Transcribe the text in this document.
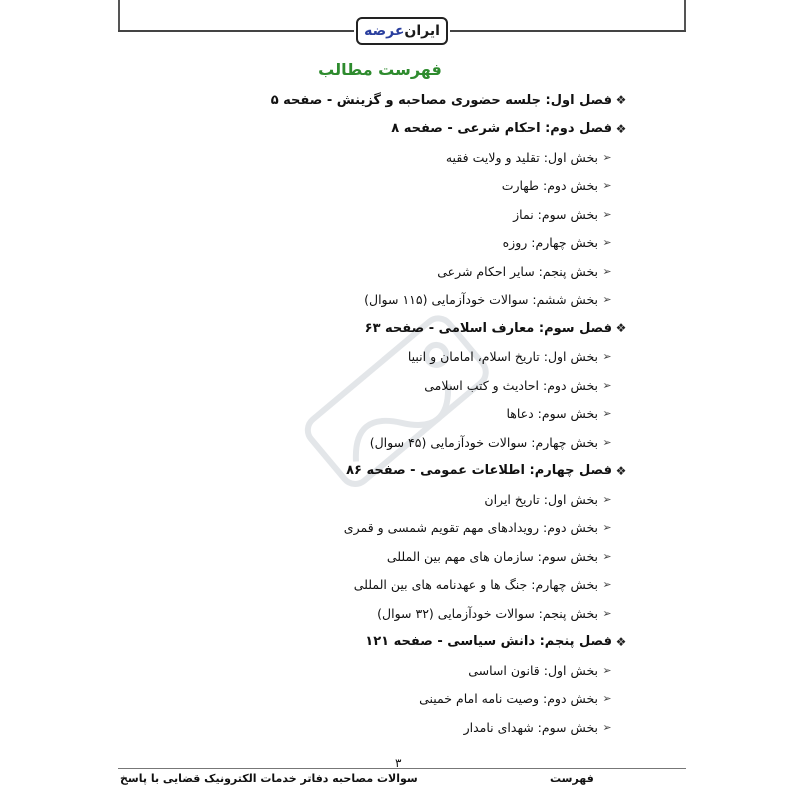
ایران
عرضه
فهرست مطالب
❖
فصل اول: جلسه حضوری مصاحبه و گزینش - صفحه ۵
❖
فصل دوم: احکام شرعی - صفحه ۸
➢
بخش اول: تقلید و ولایت فقیه
➢
بخش دوم: طهارت
➢
بخش سوم: نماز
➢
بخش چهارم: روزه
➢
بخش پنجم: سایر احکام شرعی
➢
بخش ششم: سوالات خودآزمایی (۱۱۵ سوال)
❖
فصل سوم: معارف اسلامی - صفحه ۶۳
➢
بخش اول: تاریخ اسلام، امامان و انبیا
➢
بخش دوم: احادیث و کتب اسلامی
➢
بخش سوم: دعاها
➢
بخش چهارم: سوالات خودآزمایی (۴۵ سوال)
❖
فصل چهارم: اطلاعات عمومی - صفحه ۸۶
➢
بخش اول: تاریخ ایران
➢
بخش دوم: رویدادهای مهم تقویم شمسی و قمری
➢
بخش سوم: سازمان های مهم بین المللی
➢
بخش چهارم: جنگ ها و عهدنامه های بین المللی
➢
بخش پنجم: سوالات خودآزمایی (۳۲ سوال)
❖
فصل پنجم: دانش سیاسی - صفحه ۱۲۱
➢
بخش اول: قانون اساسی
➢
بخش دوم: وصیت نامه امام خمینی
➢
بخش سوم: شهدای نامدار
۳
سوالات مصاحبه دفاتر خدمات الکترونیک قضایی با پاسخ	فهرست
